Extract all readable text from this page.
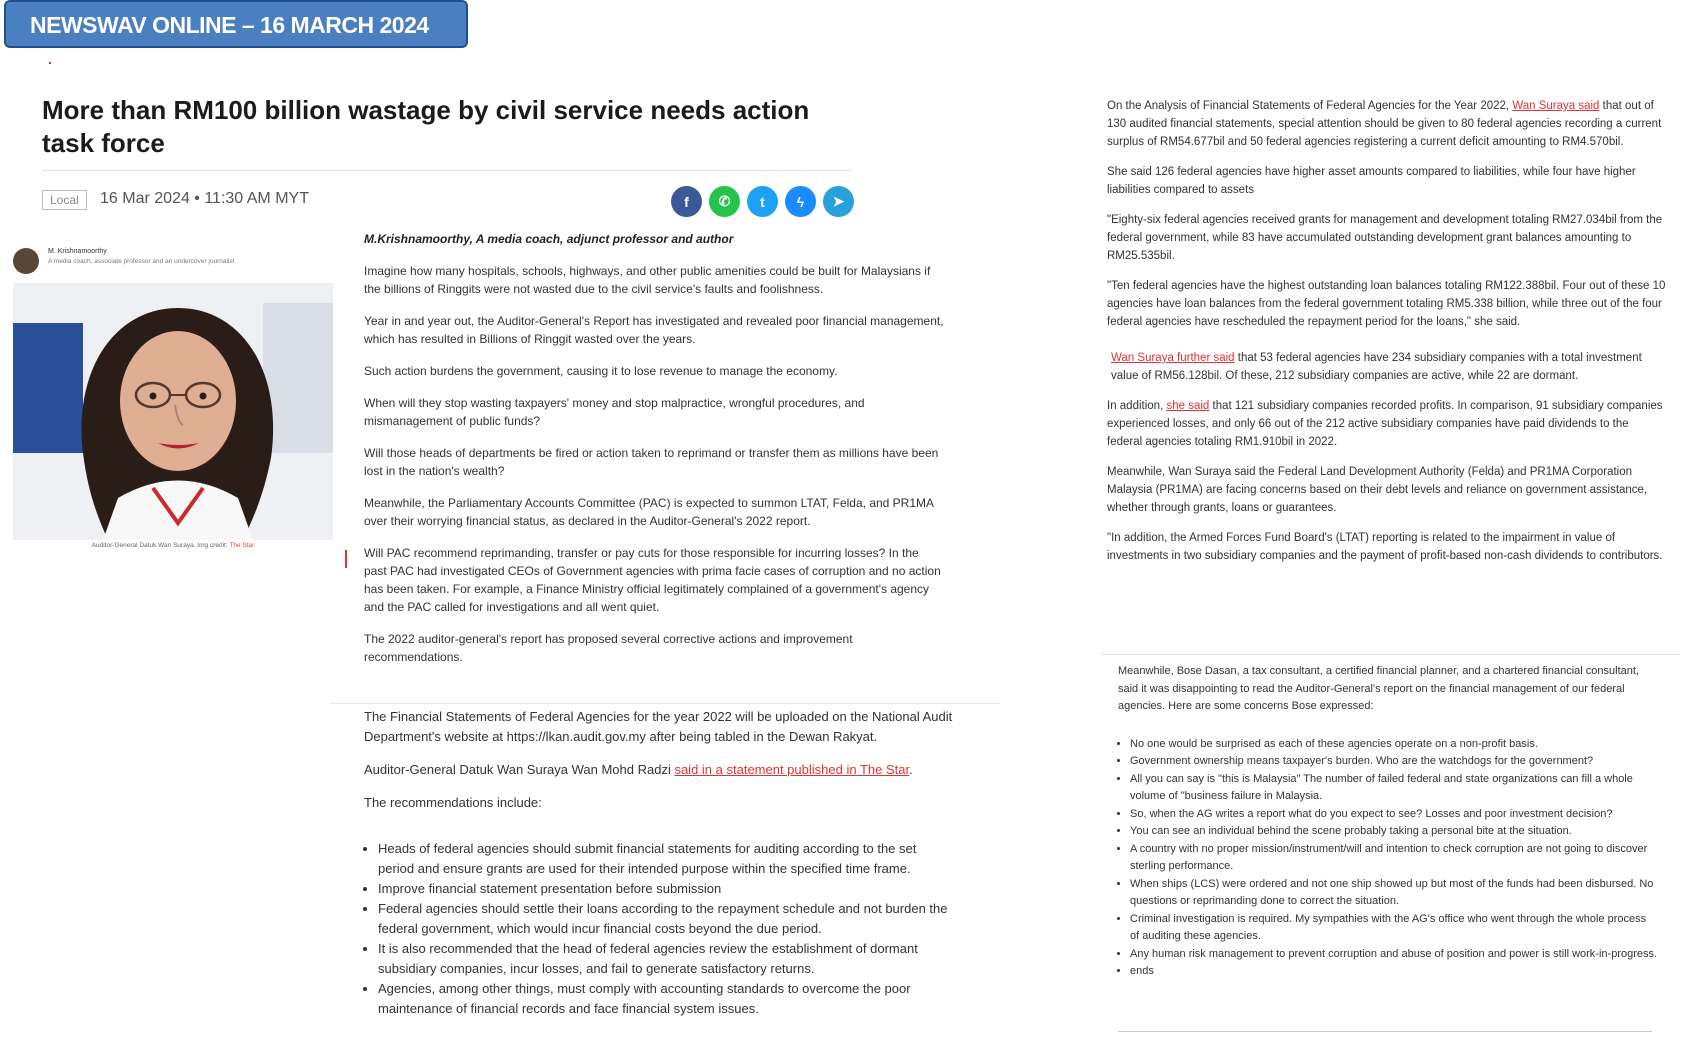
NEWSWAV ONLINE – 16 MARCH 2024
More than RM100 billion wastage by civil service needs action task force
Local	16 Mar 2024 • 11:30 AM MYT	f	✆	t	ϟ	➤
M. Krishnamoorthy
A media coach, associate professor and an undercover journalist
Auditor-General Datuk Wan Suraya. Img credit: The Star

M.Krishnamoorthy, A media coach, adjunct professor and author

Imagine how many hospitals, schools, highways, and other public amenities could be built for Malaysians if the billions of Ringgits were not wasted due to the civil service's faults and foolishness.

Year in and year out, the Auditor-General's Report has investigated and revealed poor financial management, which has resulted in Billions of Ringgit wasted over the years.

Such action burdens the government, causing it to lose revenue to manage the economy.

When will they stop wasting taxpayers' money and stop malpractice, wrongful procedures, and mismanagement of public funds?

Will those heads of departments be fired or action taken to reprimand or transfer them as millions have been lost in the nation's wealth?

Meanwhile, the Parliamentary Accounts Committee (PAC) is expected to summon LTAT, Felda, and PR1MA over their worrying financial status, as declared in the Auditor-General's 2022 report.

Will PAC recommend reprimanding, transfer or pay cuts for those responsible for incurring losses? In the past PAC had investigated CEOs of Government agencies with prima facie cases of corruption and no action has been taken. For example, a Finance Ministry official legitimately complained of a government's agency and the PAC called for investigations and all went quiet.

The 2022 auditor-general's report has proposed several corrective actions and improvement recommendations.

The Financial Statements of Federal Agencies for the year 2022 will be uploaded on the National Audit Department's website at https://lkan.audit.gov.my after being tabled in the Dewan Rakyat.

Auditor-General Datuk Wan Suraya Wan Mohd Radzi said in a statement published in The Star.

The recommendations include:

• Heads of federal agencies should submit financial statements for auditing according to the set period and ensure grants are used for their intended purpose within the specified time frame.
• Improve financial statement presentation before submission
• Federal agencies should settle their loans according to the repayment schedule and not burden the federal government, which would incur financial costs beyond the due period.
• It is also recommended that the head of federal agencies review the establishment of dormant subsidiary companies, incur losses, and fail to generate satisfactory returns.
• Agencies, among other things, must comply with accounting standards to overcome the poor maintenance of financial records and face financial system issues.

On the Analysis of Financial Statements of Federal Agencies for the Year 2022, Wan Suraya said that out of 130 audited financial statements, special attention should be given to 80 federal agencies recording a current surplus of RM54.677bil and 50 federal agencies registering a current deficit amounting to RM4.570bil.

She said 126 federal agencies have higher asset amounts compared to liabilities, while four have higher liabilities compared to assets

"Eighty-six federal agencies received grants for management and development totaling RM27.034bil from the federal government, while 83 have accumulated outstanding development grant balances amounting to RM25.535bil.

"Ten federal agencies have the highest outstanding loan balances totaling RM122.388bil. Four out of these 10 agencies have loan balances from the federal government totaling RM5.338 billion, while three out of the four federal agencies have rescheduled the repayment period for the loans," she said.

Wan Suraya further said that 53 federal agencies have 234 subsidiary companies with a total investment value of RM56.128bil. Of these, 212 subsidiary companies are active, while 22 are dormant.

In addition, she said that 121 subsidiary companies recorded profits. In comparison, 91 subsidiary companies experienced losses, and only 66 out of the 212 active subsidiary companies have paid dividends to the federal agencies totaling RM1.910bil in 2022.

Meanwhile, Wan Suraya said the Federal Land Development Authority (Felda) and PR1MA Corporation Malaysia (PR1MA) are facing concerns based on their debt levels and reliance on government assistance, whether through grants, loans or guarantees.

"In addition, the Armed Forces Fund Board's (LTAT) reporting is related to the impairment in value of investments in two subsidiary companies and the payment of profit-based non-cash dividends to contributors.

Meanwhile, Bose Dasan, a tax consultant, a certified financial planner, and a chartered financial consultant, said it was disappointing to read the Auditor-General's report on the financial management of our federal agencies. Here are some concerns Bose expressed:

• No one would be surprised as each of these agencies operate on a non-profit basis.
• Government ownership means taxpayer's burden. Who are the watchdogs for the government?
• All you can say is "this is Malaysia" The number of failed federal and state organizations can fill a whole volume of "business failure in Malaysia.
• So, when the AG writes a report what do you expect to see? Losses and poor investment decision?
• You can see an individual behind the scene probably taking a personal bite at the situation.
• A country with no proper mission/instrument/will and intention to check corruption are not going to discover sterling performance.
• When ships (LCS) were ordered and not one ship showed up but most of the funds had been disbursed. No questions or reprimanding done to correct the situation.
• Criminal investigation is required. My sympathies with the AG's office who went through the whole process of auditing these agencies.
• Any human risk management to prevent corruption and abuse of position and power is still work-in-progress.
• ends
